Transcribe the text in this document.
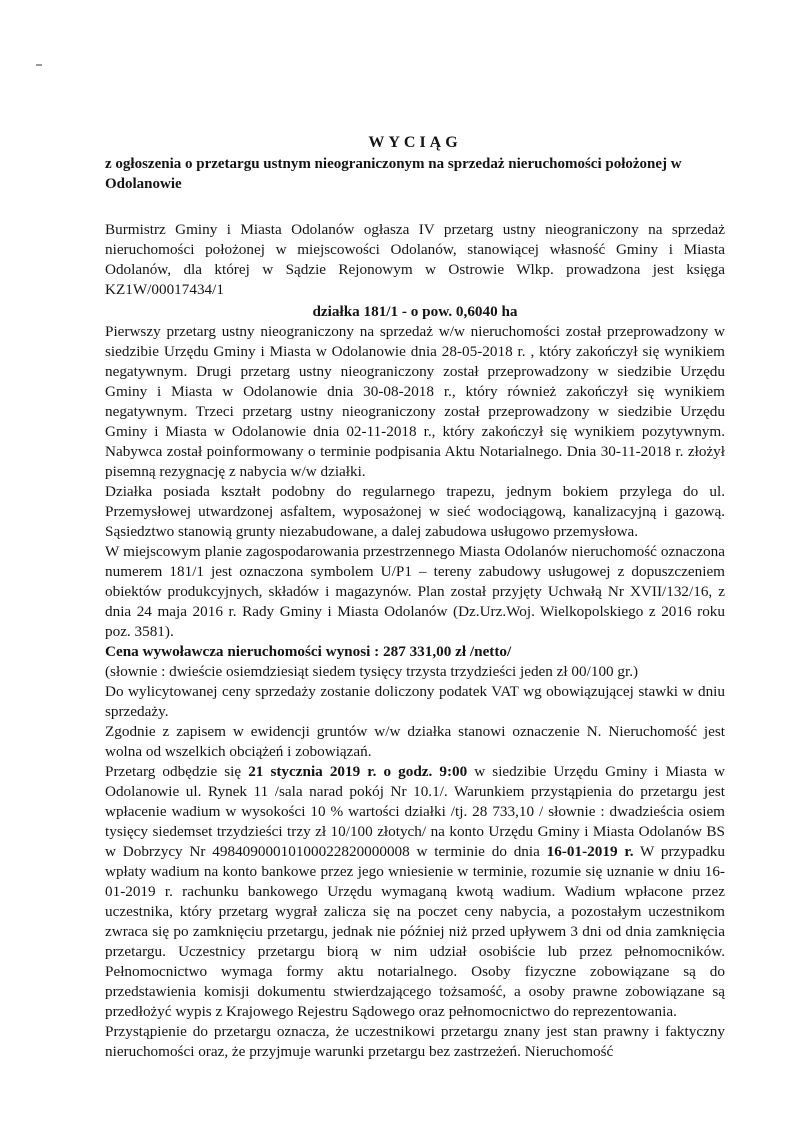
WYCIĄG
z ogłoszenia o przetargu ustnym nieograniczonym na sprzedaż nieruchomości położonej w Odolanowie

Burmistrz Gminy i Miasta Odolanów ogłasza IV przetarg ustny nieograniczony na sprzedaż nieruchomości położonej w miejscowości Odolanów, stanowiącej własność Gminy i Miasta Odolanów, dla której w Sądzie Rejonowym w Ostrowie Wlkp. prowadzona jest księga KZ1W/00017434/1

działka 181/1 - o pow. 0,6040 ha

Pierwszy przetarg ustny nieograniczony na sprzedaż w/w nieruchomości został przeprowadzony w siedzibie Urzędu Gminy i Miasta w Odolanowie dnia 28-05-2018 r. , który zakończył się wynikiem negatywnym. Drugi przetarg ustny nieograniczony został przeprowadzony w siedzibie Urzędu Gminy i Miasta w Odolanowie dnia 30-08-2018 r., który również zakończył się wynikiem negatywnym. Trzeci przetarg ustny nieograniczony został przeprowadzony w siedzibie Urzędu Gminy i Miasta w Odolanowie dnia 02-11-2018 r., który zakończył się wynikiem pozytywnym. Nabywca został poinformowany o terminie podpisania Aktu Notarialnego. Dnia 30-11-2018 r. złożył pisemną rezygnację z nabycia w/w działki.

Działka posiada kształt podobny do regularnego trapezu, jednym bokiem przylega do ul. Przemysłowej utwardzonej asfaltem, wyposażonej w sieć wodociągową, kanalizacyjną i gazową. Sąsiedztwo stanowią grunty niezabudowane, a dalej zabudowa usługowo przemysłowa.

W miejscowym planie zagospodarowania przestrzennego Miasta Odolanów nieruchomość oznaczona numerem 181/1 jest oznaczona symbolem U/P1 – tereny zabudowy usługowej z dopuszczeniem obiektów produkcyjnych, składów i magazynów. Plan został przyjęty Uchwałą Nr XVII/132/16, z dnia 24 maja 2016 r. Rady Gminy i Miasta Odolanów (Dz.Urz.Woj. Wielkopolskiego z 2016 roku poz. 3581).

Cena wywoławcza nieruchomości wynosi : 287 331,00 zł /netto/

(słownie : dwieście osiemdziesiąt siedem tysięcy trzysta trzydzieści jeden zł 00/100 gr.)

Do wylicytowanej ceny sprzedaży zostanie doliczony podatek VAT wg obowiązującej stawki w dniu sprzedaży.

Zgodnie z zapisem w ewidencji gruntów w/w działka stanowi oznaczenie N. Nieruchomość jest wolna od wszelkich obciążeń i zobowiązań.

Przetarg odbędzie się 21 stycznia 2019 r. o godz. 9:00 w siedzibie Urzędu Gminy i Miasta w Odolanowie ul. Rynek 11 /sala narad pokój Nr 10.1/. Warunkiem przystąpienia do przetargu jest wpłacenie wadium w wysokości 10 % wartości działki /tj. 28 733,10 / słownie : dwadzieścia osiem tysięcy siedemset trzydzieści trzy zł 10/100 złotych/ na konto Urzędu Gminy i Miasta Odolanów BS w Dobrzycy Nr 49840900010100022820000008 w terminie do dnia 16-01-2019 r. W przypadku wpłaty wadium na konto bankowe przez jego wniesienie w terminie, rozumie się uznanie w dniu 16-01-2019 r. rachunku bankowego Urzędu wymaganą kwotą wadium. Wadium wpłacone przez uczestnika, który przetarg wygrał zalicza się na poczet ceny nabycia, a pozostałym uczestnikom zwraca się po zamknięciu przetargu, jednak nie później niż przed upływem 3 dni od dnia zamknięcia przetargu. Uczestnicy przetargu biorą w nim udział osobiście lub przez pełnomocników. Pełnomocnictwo wymaga formy aktu notarialnego. Osoby fizyczne zobowiązane są do przedstawienia komisji dokumentu stwierdzającego tożsamość, a osoby prawne zobowiązane są przedłożyć wypis z Krajowego Rejestru Sądowego oraz pełnomocnictwo do reprezentowania.

Przystąpienie do przetargu oznacza, że uczestnikowi przetargu znany jest stan prawny i faktyczny nieruchomości oraz, że przyjmuje warunki przetargu bez zastrzeżeń. Nieruchomość
